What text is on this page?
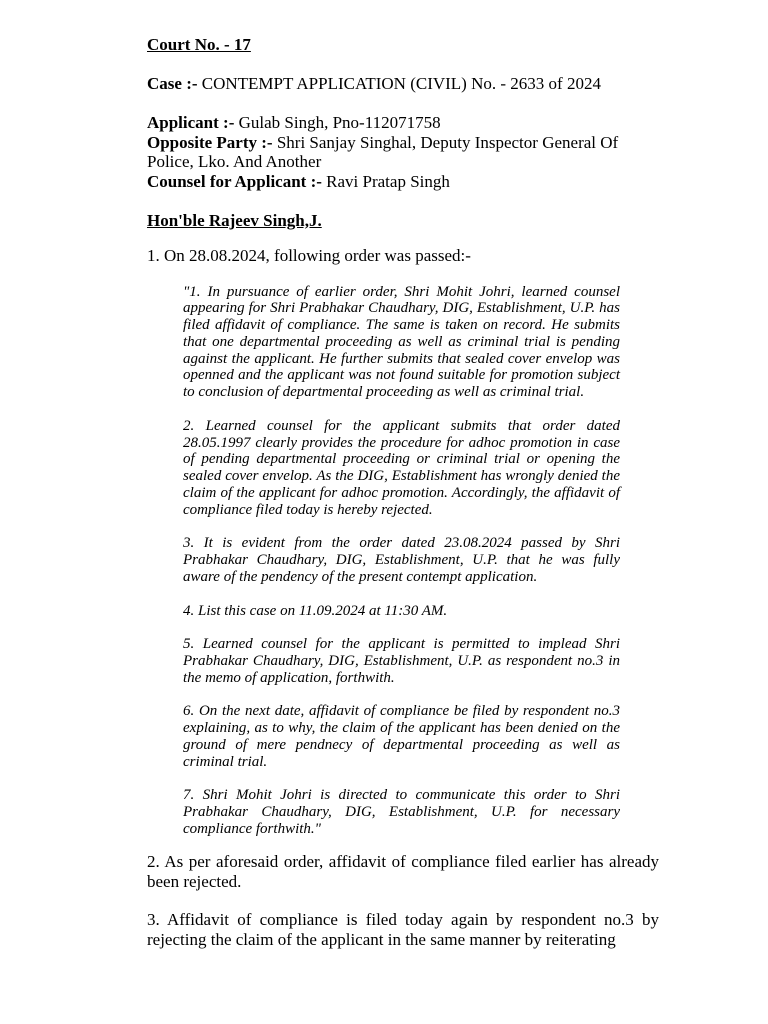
Court No. - 17

Case :- CONTEMPT APPLICATION (CIVIL) No. - 2633 of 2024

Applicant :- Gulab Singh, Pno-112071758

Opposite Party :- Shri Sanjay Singhal, Deputy Inspector General Of Police, Lko. And Another

Counsel for Applicant :- Ravi Pratap Singh

Hon'ble Rajeev Singh,J.

1. On 28.08.2024, following order was passed:-

"1. In pursuance of earlier order, Shri Mohit Johri, learned counsel appearing for Shri Prabhakar Chaudhary, DIG, Establishment, U.P. has filed affidavit of compliance. The same is taken on record. He submits that one departmental proceeding as well as criminal trial is pending against the applicant. He further submits that sealed cover envelop was openned and the applicant was not found suitable for promotion subject to conclusion of departmental proceeding as well as criminal trial.

2. Learned counsel for the applicant submits that order dated 28.05.1997 clearly provides the procedure for adhoc promotion in case of pending departmental proceeding or criminal trial or opening the sealed cover envelop. As the DIG, Establishment has wrongly denied the claim of the applicant for adhoc promotion. Accordingly, the affidavit of compliance filed today is hereby rejected.

3. It is evident from the order dated 23.08.2024 passed by Shri Prabhakar Chaudhary, DIG, Establishment, U.P. that he was fully aware of the pendency of the present contempt application.

4. List this case on 11.09.2024 at 11:30 AM.

5. Learned counsel for the applicant is permitted to implead Shri Prabhakar Chaudhary, DIG, Establishment, U.P. as respondent no.3 in the memo of application, forthwith.

6. On the next date, affidavit of compliance be filed by respondent no.3 explaining, as to why, the claim of the applicant has been denied on the ground of mere pendnecy of departmental proceeding as well as criminal trial.

7. Shri Mohit Johri is directed to communicate this order to Shri Prabhakar Chaudhary, DIG, Establishment, U.P. for necessary compliance forthwith."

2. As per aforesaid order, affidavit of compliance filed earlier has already been rejected.

3. Affidavit of compliance is filed today again by respondent no.3 by rejecting the claim of the applicant in the same manner by reiterating
